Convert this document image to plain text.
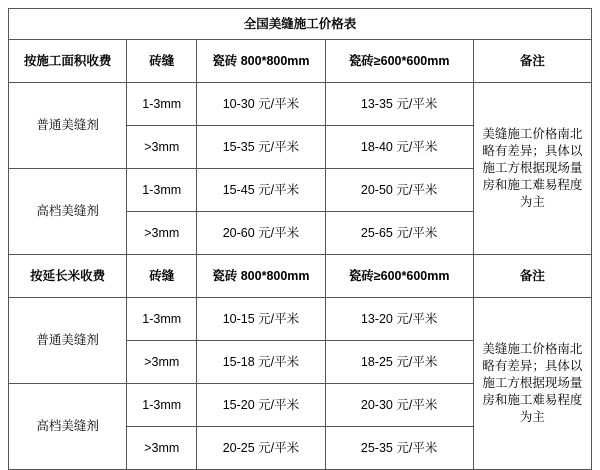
全国美缝施工价格表				
按施工面积收费	砖缝	瓷砖 800*800mm	瓷砖≥600*600mm	备注
普通美缝剂	1-3mm	10-30 元/平米	13-35 元/平米	美缝施工价格南北略有差异；具体以施工方根据现场量房和施工难易程度为主
	>3mm	15-35 元/平米	18-40 元/平米	
高档美缝剂	1-3mm	15-45 元/平米	20-50 元/平米	
	>3mm	20-60 元/平米	25-65 元/平米	
按延长米收费	砖缝	瓷砖 800*800mm	瓷砖≥600*600mm	备注
普通美缝剂	1-3mm	10-15 元/平米	13-20 元/平米	美缝施工价格南北略有差异；具体以施工方根据现场量房和施工难易程度为主
	>3mm	15-18 元/平米	18-25 元/平米	
高档美缝剂	1-3mm	15-20 元/平米	20-30 元/平米	
	>3mm	20-25 元/平米	25-35 元/平米	
